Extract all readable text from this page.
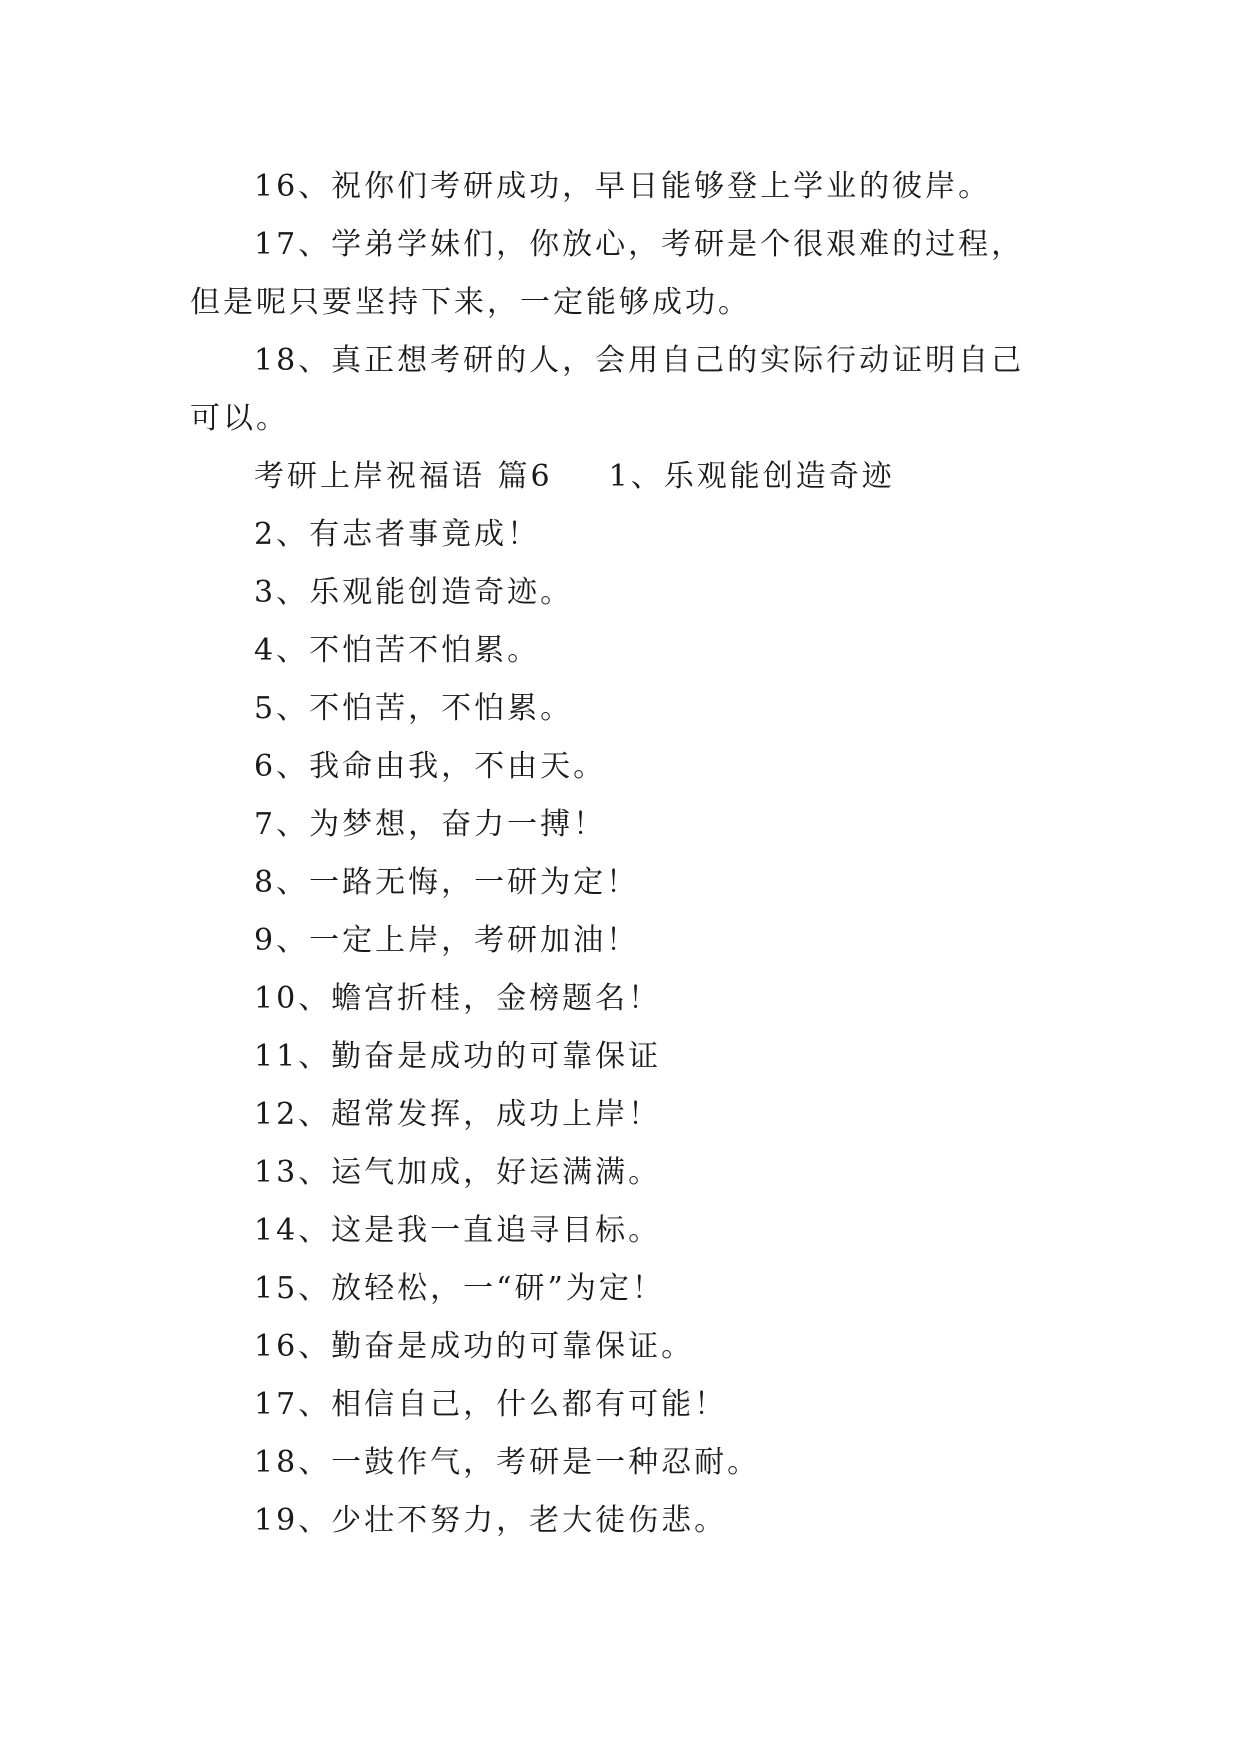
16、祝你们考研成功，早日能够登上学业的彼岸。

17、学弟学妹们，你放心，考研是个很艰难的过程，但是呢只要坚持下来，一定能够成功。

18、真正想考研的人，会用自己的实际行动证明自己可以。

考研上岸祝福语 篇6 1、乐观能创造奇迹

2、有志者事竟成！

3、乐观能创造奇迹。

4、不怕苦不怕累。

5、不怕苦，不怕累。

6、我命由我，不由天。

7、为梦想，奋力一搏！

8、一路无悔，一研为定！

9、一定上岸，考研加油！

10、蟾宫折桂，金榜题名！

11、勤奋是成功的可靠保证

12、超常发挥，成功上岸！

13、运气加成，好运满满。

14、这是我一直追寻目标。

15、放轻松，一“研”为定！

16、勤奋是成功的可靠保证。

17、相信自己，什么都有可能！

18、一鼓作气，考研是一种忍耐。

19、少壮不努力，老大徒伤悲。
